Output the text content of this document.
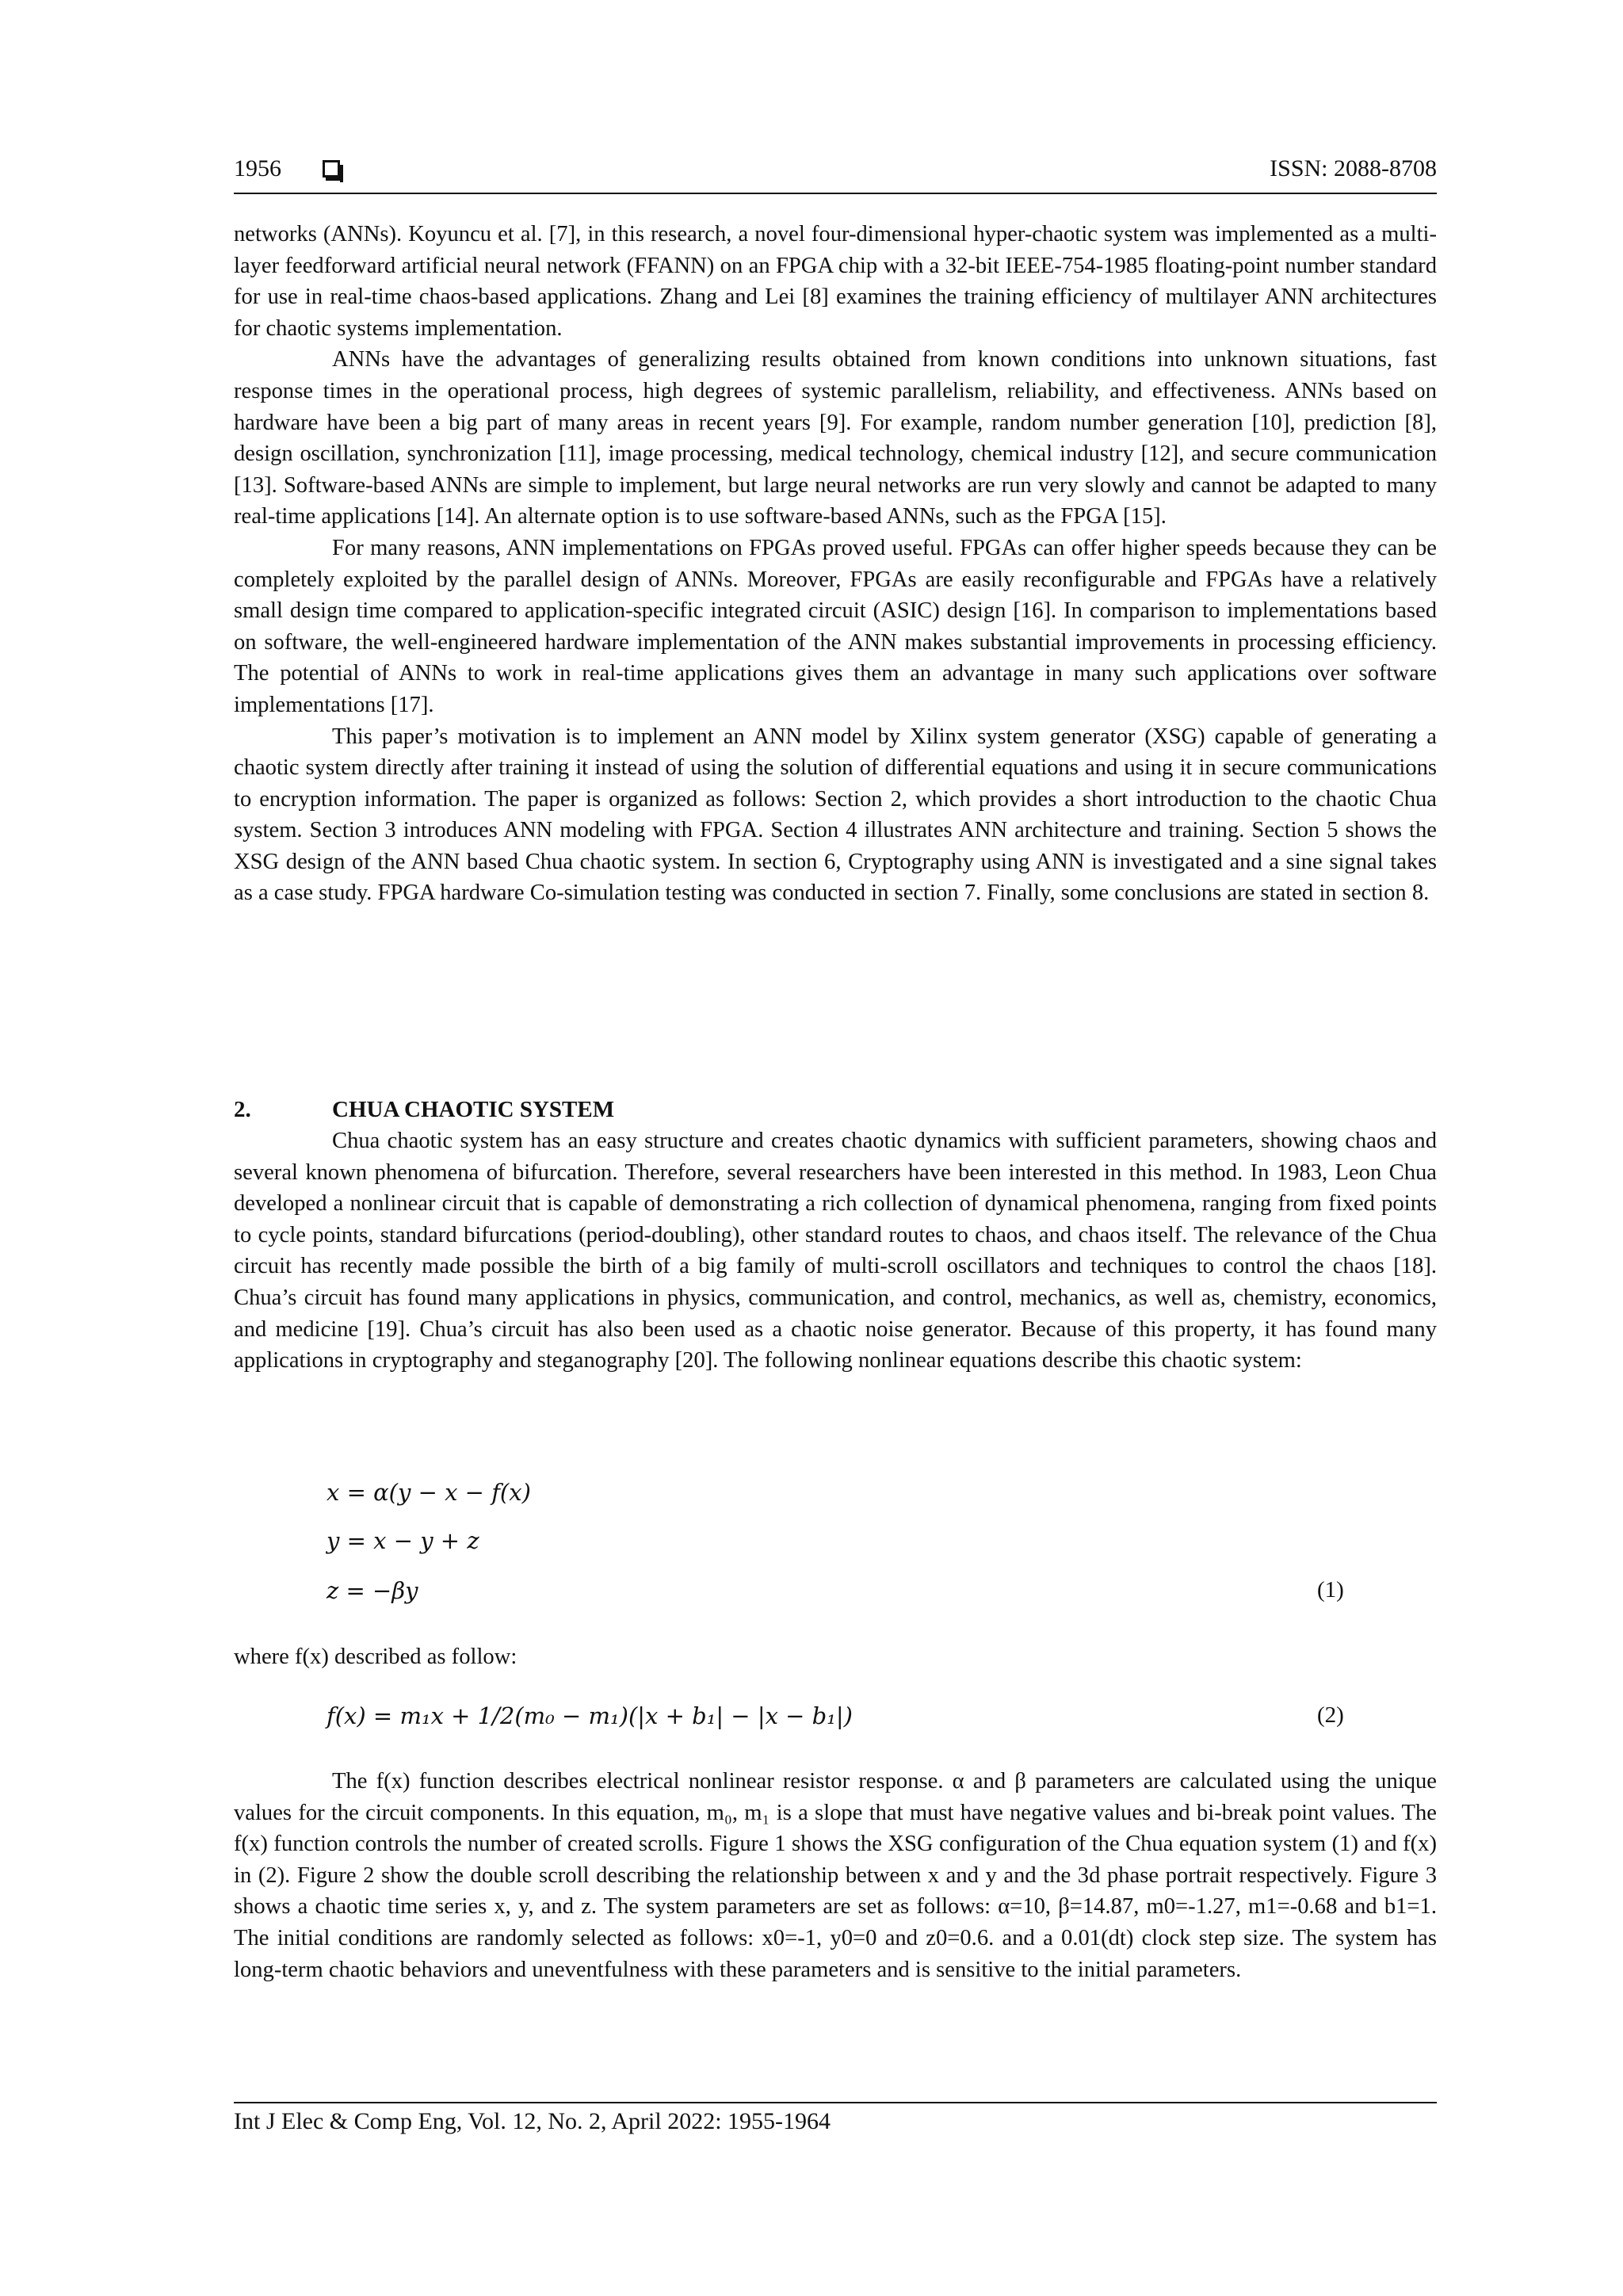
1956	ISSN: 2088-8708

networks (ANNs). Koyuncu et al. [7], in this research, a novel four-dimensional hyper-chaotic system was implemented as a multi-layer feedforward artificial neural network (FFANN) on an FPGA chip with a 32-bit IEEE-754-1985 floating-point number standard for use in real-time chaos-based applications. Zhang and Lei [8] examines the training efficiency of multilayer ANN architectures for chaotic systems implementation.

ANNs have the advantages of generalizing results obtained from known conditions into unknown situations, fast response times in the operational process, high degrees of systemic parallelism, reliability, and effectiveness. ANNs based on hardware have been a big part of many areas in recent years [9]. For example, random number generation [10], prediction [8], design oscillation, synchronization [11], image processing, medical technology, chemical industry [12], and secure communication [13]. Software-based ANNs are simple to implement, but large neural networks are run very slowly and cannot be adapted to many real-time applications [14]. An alternate option is to use software-based ANNs, such as the FPGA [15].

For many reasons, ANN implementations on FPGAs proved useful. FPGAs can offer higher speeds because they can be completely exploited by the parallel design of ANNs. Moreover, FPGAs are easily reconfigurable and FPGAs have a relatively small design time compared to application-specific integrated circuit (ASIC) design [16]. In comparison to implementations based on software, the well-engineered hardware implementation of the ANN makes substantial improvements in processing efficiency. The potential of ANNs to work in real-time applications gives them an advantage in many such applications over software implementations [17].

This paper’s motivation is to implement an ANN model by Xilinx system generator (XSG) capable of generating a chaotic system directly after training it instead of using the solution of differential equations and using it in secure communications to encryption information. The paper is organized as follows: Section 2, which provides a short introduction to the chaotic Chua system. Section 3 introduces ANN modeling with FPGA. Section 4 illustrates ANN architecture and training. Section 5 shows the XSG design of the ANN based Chua chaotic system. In section 6, Cryptography using ANN is investigated and a sine signal takes as a case study. FPGA hardware Co-simulation testing was conducted in section 7. Finally, some conclusions are stated in section 8.

2.	CHUA CHAOTIC SYSTEM

Chua chaotic system has an easy structure and creates chaotic dynamics with sufficient parameters, showing chaos and several known phenomena of bifurcation. Therefore, several researchers have been interested in this method. In 1983, Leon Chua developed a nonlinear circuit that is capable of demonstrating a rich collection of dynamical phenomena, ranging from fixed points to cycle points, standard bifurcations (period-doubling), other standard routes to chaos, and chaos itself. The relevance of the Chua circuit has recently made possible the birth of a big family of multi-scroll oscillators and techniques to control the chaos [18]. Chua’s circuit has found many applications in physics, communication, and control, mechanics, as well as, chemistry, economics, and medicine [19]. Chua’s circuit has also been used as a chaotic noise generator. Because of this property, it has found many applications in cryptography and steganography [20]. The following nonlinear equations describe this chaotic system:

x = α(y − x − f(x)
y = x − y + z
z = −βy	(1)
where f(x) described as follow:
f(x) = m₁x + 1/2(m₀ − m₁)(|x + b₁| − |x − b₁|)	(2)

The f(x) function describes electrical nonlinear resistor response. α and β parameters are calculated using the unique values for the circuit components. In this equation, m₀, m₁ is a slope that must have negative values and bi-break point values. The f(x) function controls the number of created scrolls. Figure 1 shows the XSG configuration of the Chua equation system (1) and f(x) in (2). Figure 2 show the double scroll describing the relationship between x and y and the 3d phase portrait respectively. Figure 3 shows a chaotic time series x, y, and z. The system parameters are set as follows: α=10, β=14.87, m0=-1.27, m1=-0.68 and b1=1. The initial conditions are randomly selected as follows: x0=-1, y0=0 and z0=0.6. and a 0.01(dt) clock step size. The system has long-term chaotic behaviors and uneventfulness with these parameters and is sensitive to the initial parameters.

Int J Elec & Comp Eng, Vol. 12, No. 2, April 2022: 1955-1964
